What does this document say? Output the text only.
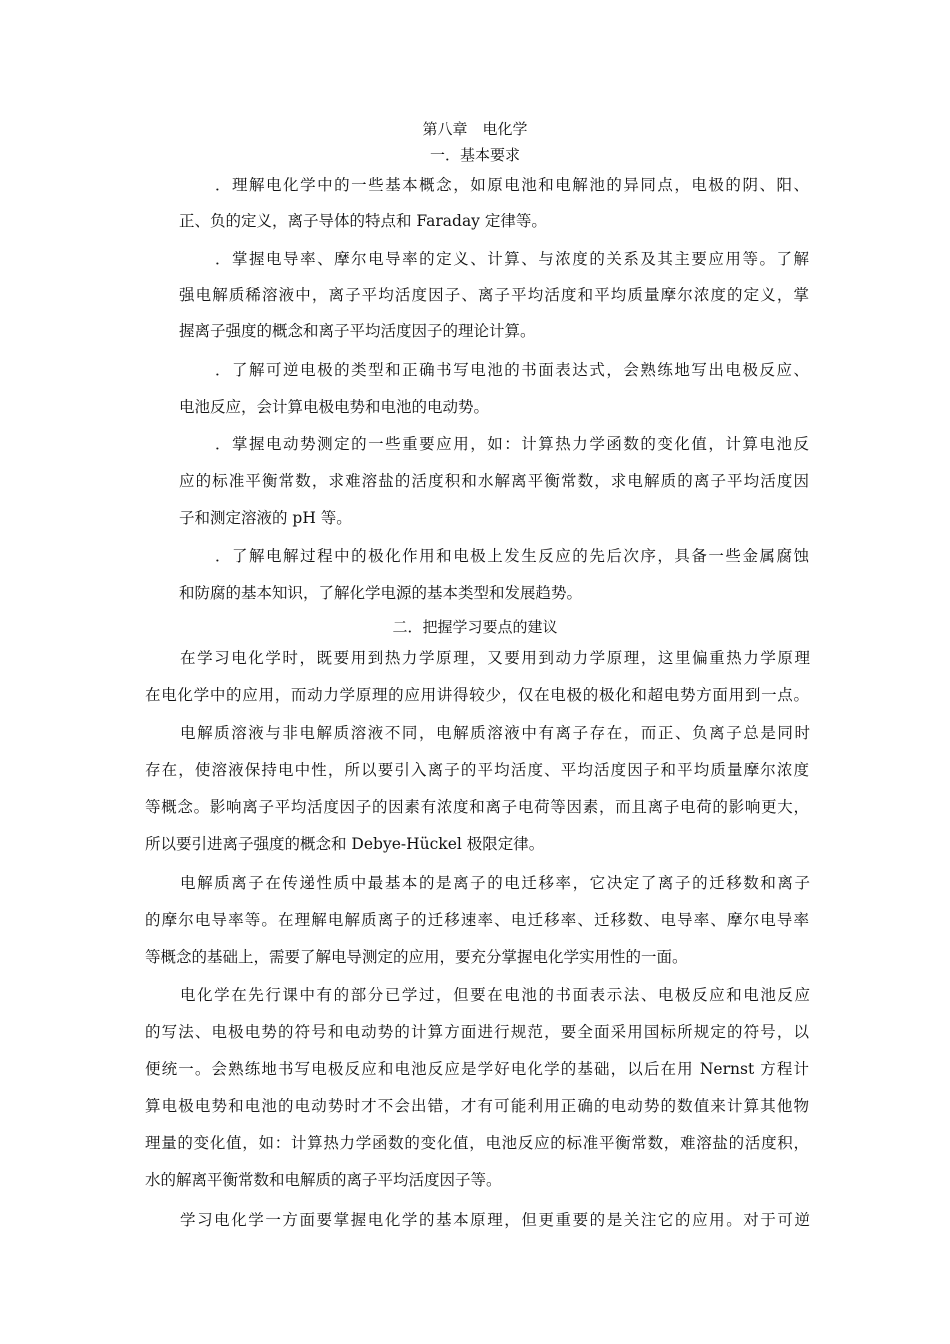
第八章　电化学
一．基本要求
．理解电化学中的一些基本概念，如原电池和电解池的异同点，电极的阴、阳、
正、负的定义，离子导体的特点和 Faraday 定律等。
．掌握电导率、摩尔电导率的定义、计算、与浓度的关系及其主要应用等。了解
强电解质稀溶液中，离子平均活度因子、离子平均活度和平均质量摩尔浓度的定义，掌
握离子强度的概念和离子平均活度因子的理论计算。
．了解可逆电极的类型和正确书写电池的书面表达式，会熟练地写出电极反应、
电池反应，会计算电极电势和电池的电动势。
．掌握电动势测定的一些重要应用，如：计算热力学函数的变化值，计算电池反
应的标准平衡常数，求难溶盐的活度积和水解离平衡常数，求电解质的离子平均活度因
子和测定溶液的 pH 等。
．了解电解过程中的极化作用和电极上发生反应的先后次序，具备一些金属腐蚀
和防腐的基本知识，了解化学电源的基本类型和发展趋势。
二．把握学习要点的建议
在学习电化学时，既要用到热力学原理，又要用到动力学原理，这里偏重热力学原理
在电化学中的应用，而动力学原理的应用讲得较少，仅在电极的极化和超电势方面用到一点。
电解质溶液与非电解质溶液不同，电解质溶液中有离子存在，而正、负离子总是同时
存在，使溶液保持电中性，所以要引入离子的平均活度、平均活度因子和平均质量摩尔浓度
等概念。影响离子平均活度因子的因素有浓度和离子电荷等因素，而且离子电荷的影响更大，
所以要引进离子强度的概念和 Debye-Hückel 极限定律。
电解质离子在传递性质中最基本的是离子的电迁移率，它决定了离子的迁移数和离子
的摩尔电导率等。在理解电解质离子的迁移速率、电迁移率、迁移数、电导率、摩尔电导率
等概念的基础上，需要了解电导测定的应用，要充分掌握电化学实用性的一面。
电化学在先行课中有的部分已学过，但要在电池的书面表示法、电极反应和电池反应
的写法、电极电势的符号和电动势的计算方面进行规范，要全面采用国标所规定的符号，以
便统一。会熟练地书写电极反应和电池反应是学好电化学的基础，以后在用 Nernst 方程计
算电极电势和电池的电动势时才不会出错，才有可能利用正确的电动势的数值来计算其他物
理量的变化值，如：计算热力学函数的变化值，电池反应的标准平衡常数，难溶盐的活度积，
水的解离平衡常数和电解质的离子平均活度因子等。
学习电化学一方面要掌握电化学的基本原理，但更重要的是关注它的应用。对于可逆
